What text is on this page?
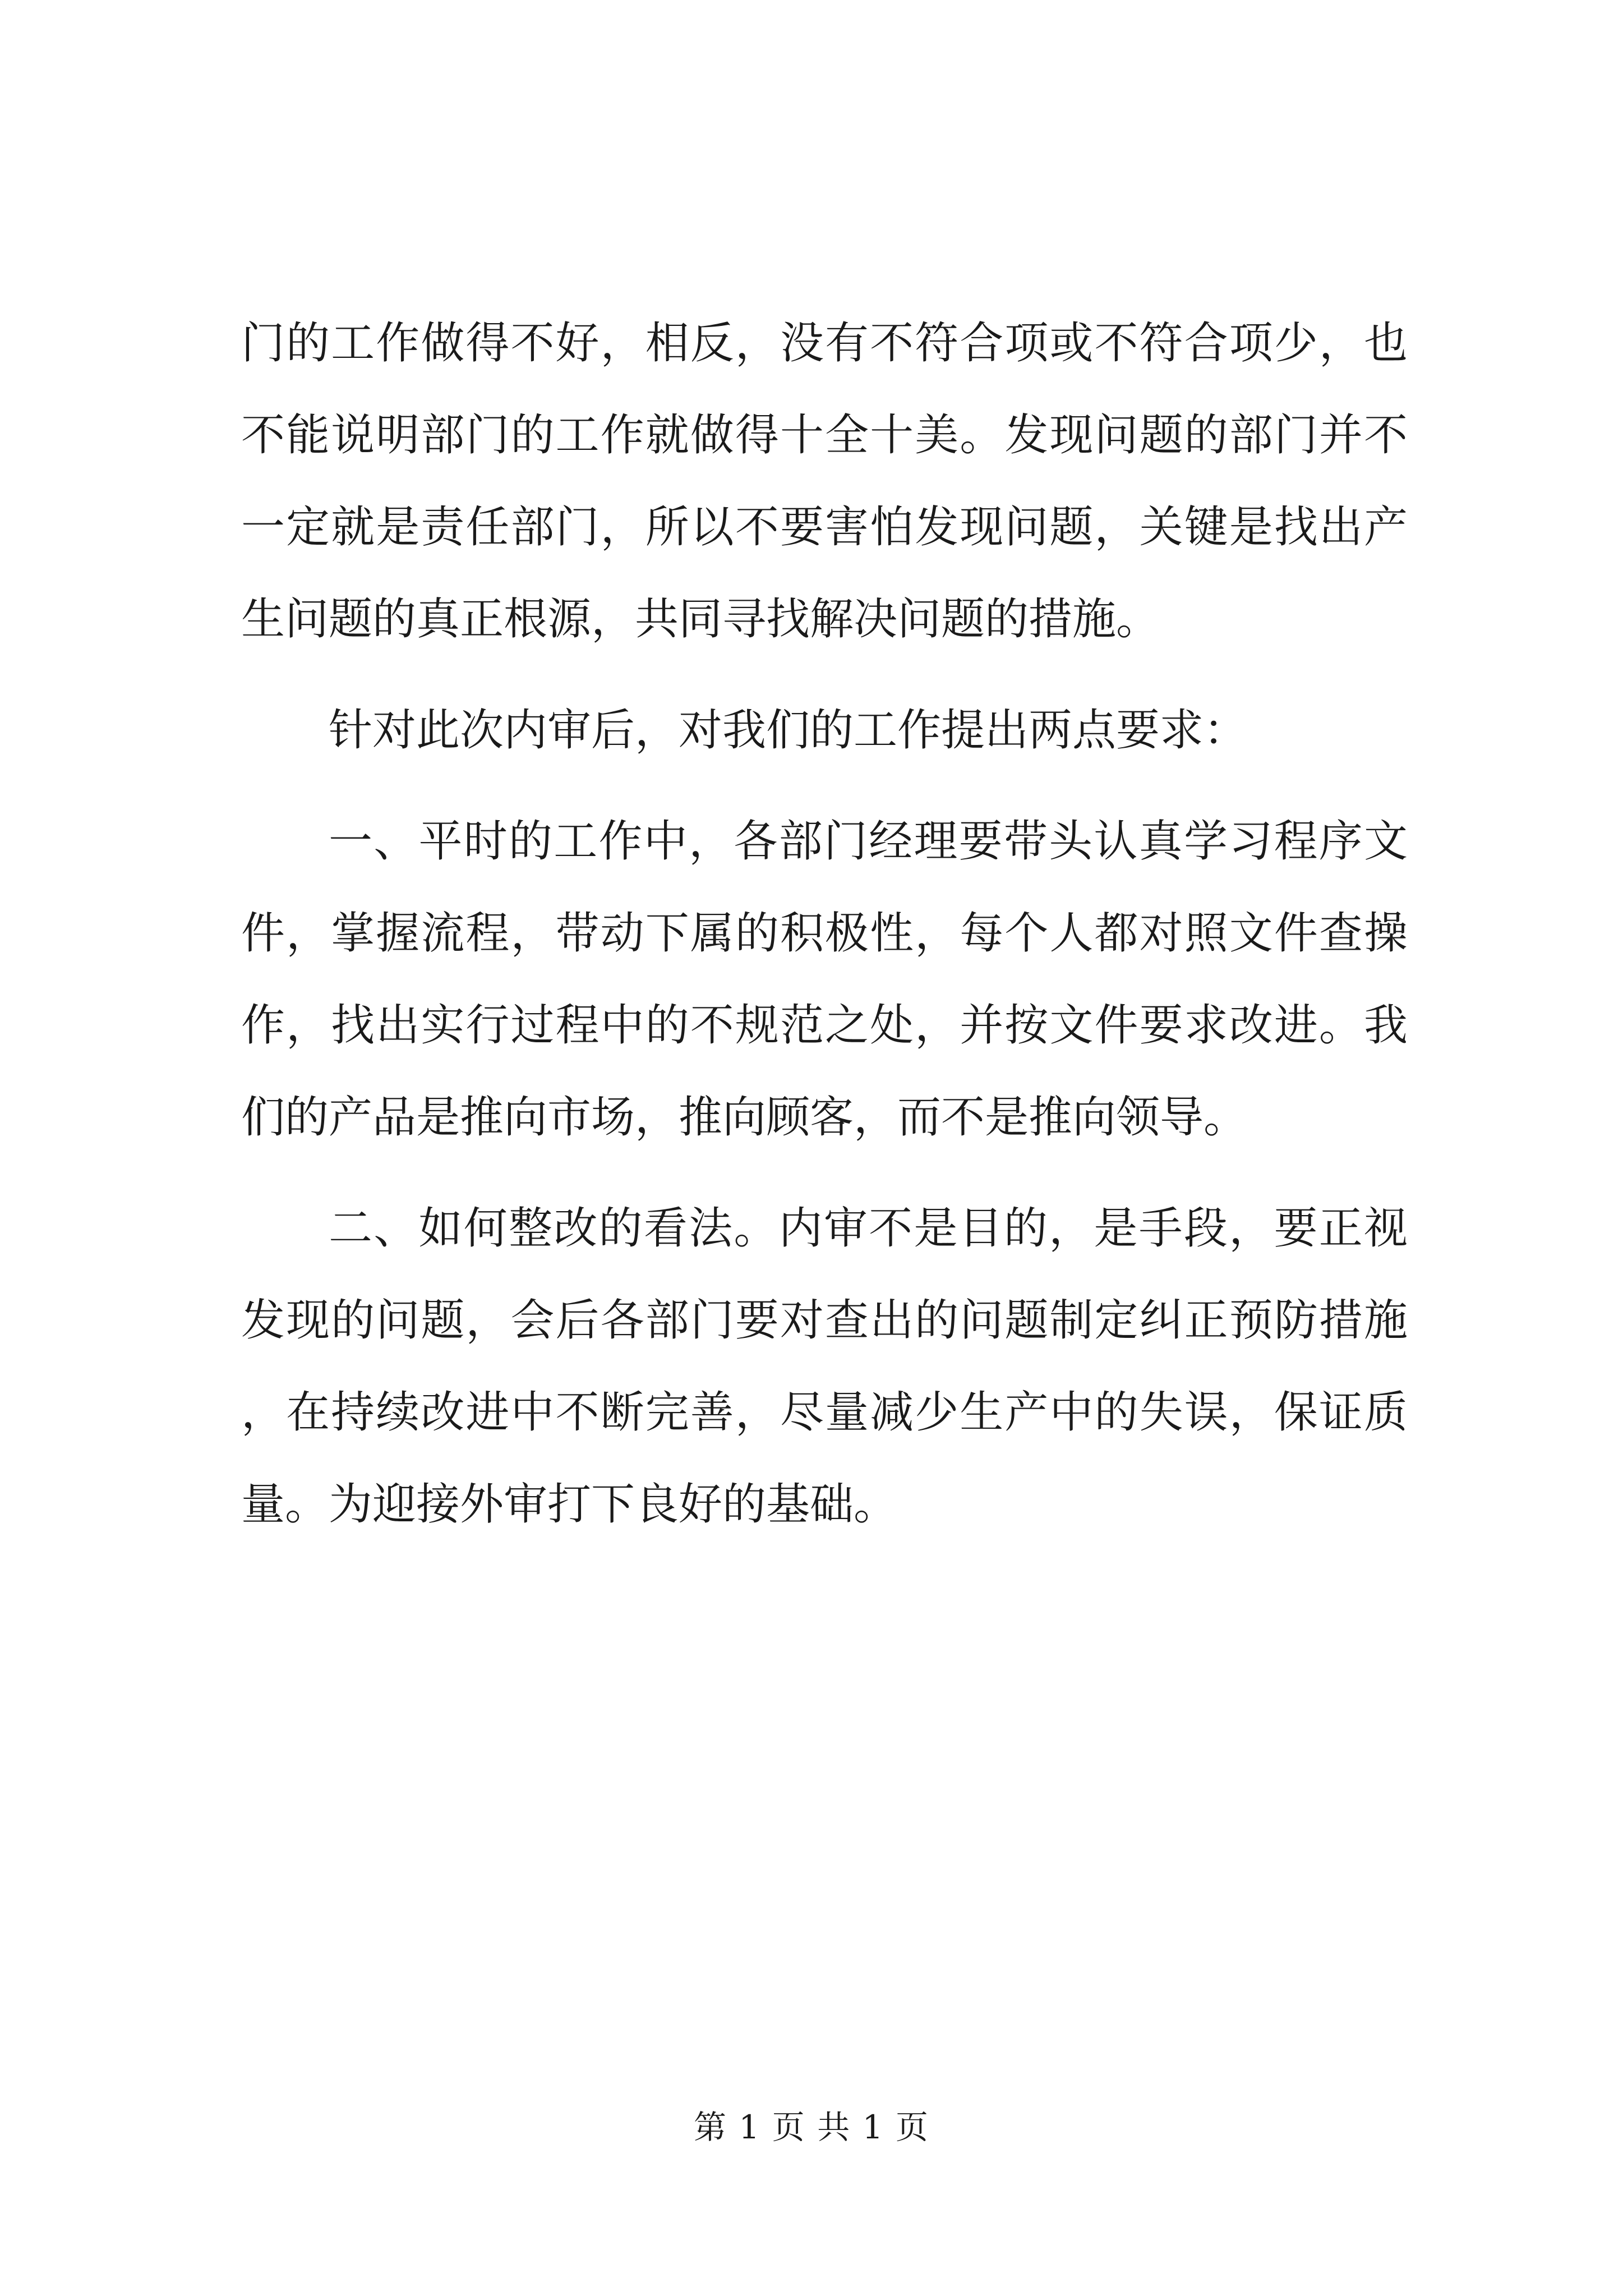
门的工作做得不好，相反，没有不符合项或不符合项少，也不能说明部门的工作就做得十全十美。发现问题的部门并不一定就是责任部门，所以不要害怕发现问题，关键是找出产生问题的真正根源，共同寻找解决问题的措施。

针对此次内审后，对我们的工作提出两点要求：

一、平时的工作中，各部门经理要带头认真学习程序文件，掌握流程，带动下属的积极性，每个人都对照文件查操作，找出实行过程中的不规范之处，并按文件要求改进。我们的产品是推向市场，推向顾客，而不是推向领导。

二、如何整改的看法。内审不是目的，是手段，要正视发现的问题，会后各部门要对查出的问题制定纠正预防措施，在持续改进中不断完善，尽量减少生产中的失误，保证质量。为迎接外审打下良好的基础。

第 1 页 共 1 页
